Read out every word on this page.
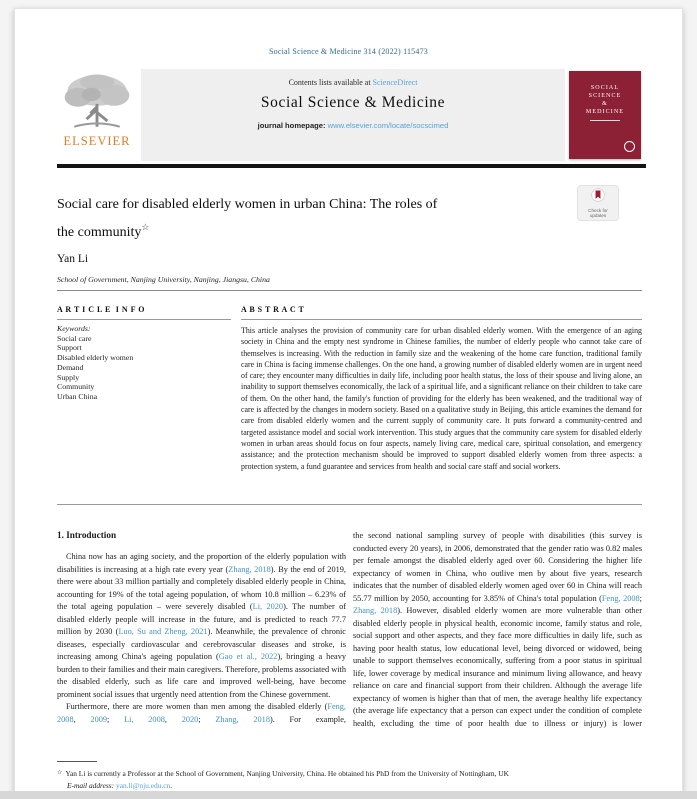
Social Science & Medicine 314 (2022) 115473
ELSEVIER
Contents lists available at ScienceDirect
Social Science & Medicine
journal homepage: www.elsevier.com/locate/socscimed
SOCIAL
SCIENCE
&
MEDICINE
Check for
updates
Social care for disabled elderly women in urban China: The roles of
the community☆
Yan Li
School of Government, Nanjing University, Nanjing, Jiangsu, China
A R T I C L E  I N F O	A B S T R A C T
Keywords:
Social care
Support
Disabled elderly women
Demand
Supply
Community
Urban China
This article analyses the provision of community care for urban disabled elderly women. With the emergence of an aging society in China and the empty nest syndrome in Chinese families, the number of elderly people who cannot take care of themselves is increasing. With the reduction in family size and the weakening of the home care function, traditional family care in China is facing immense challenges. On the one hand, a growing number of disabled elderly women are in urgent need of care; they encounter many difficulties in daily life, including poor health status, the loss of their spouse and living alone, an inability to support themselves economically, the lack of a spiritual life, and a significant reliance on their children to take care of them. On the other hand, the family's function of providing for the elderly has been weakened, and the traditional way of care is affected by the changes in modern society. Based on a qualitative study in Beijing, this article examines the demand for care from disabled elderly women and the current supply of community care. It puts forward a community-centred and targeted assistance model and social work intervention. This study argues that the community care system for disabled elderly women in urban areas should focus on four aspects, namely living care, medical care, spiritual consolation, and emergency assistance; and the protection mechanism should be improved to support disabled elderly women from three aspects: a protection system, a fund guarantee and services from health and social care staff and social workers.
1. Introduction

China now has an aging society, and the proportion of the elderly population with disabilities is increasing at a high rate every year (Zhang, 2018). By the end of 2019, there were about 33 million partially and completely disabled elderly people in China, accounting for 19% of the total ageing population, of whom 10.8 million – 6.23% of the total ageing population – were severely disabled (Li, 2020). The number of disabled elderly people will increase in the future, and is predicted to reach 77.7 million by 2030 (Luo, Su and Zheng, 2021). Meanwhile, the prevalence of chronic diseases, especially cardiovascular and cerebrovascular diseases and stroke, is increasing among China's ageing population (Gao et al., 2022), bringing a heavy burden to their families and their main caregivers. Therefore, problems associated with the disabled elderly, such as life care and improved well-being, have become prominent social issues that urgently need attention from the Chinese government.

Furthermore, there are more women than men among the disabled elderly (Feng, 2008, 2009; Li, 2008, 2020; Zhang, 2018). For example,

the second national sampling survey of people with disabilities (this survey is conducted every 20 years), in 2006, demonstrated that the gender ratio was 0.82 males per female amongst the disabled elderly aged over 60. Considering the higher life expectancy of women in China, who outlive men by about five years, research indicates that the number of disabled elderly women aged over 60 in China will reach 55.77 million by 2050, accounting for 3.85% of China's total population (Feng, 2008; Zhang, 2018). However, disabled elderly women are more vulnerable than other disabled elderly people in physical health, economic income, family status and role, social support and other aspects, and they face more difficulties in daily life, such as having poor health status, low educational level, being divorced or widowed, being unable to support themselves economically, suffering from a poor status in spiritual life, lower coverage by medical insurance and minimum living allowance, and heavy reliance on care and financial support from their children. Although the average life expectancy of women is higher than that of men, the average healthy life expectancy (the average life expectancy that a person can expect under the condition of complete health, excluding the time of poor health due to illness or injury) is lower

☆ Yan Li is currently a Professor at the School of Government, Nanjing University, China. He obtained his PhD from the University of Nottingham, UK
E-mail address: yan.li@nju.edu.cn.
